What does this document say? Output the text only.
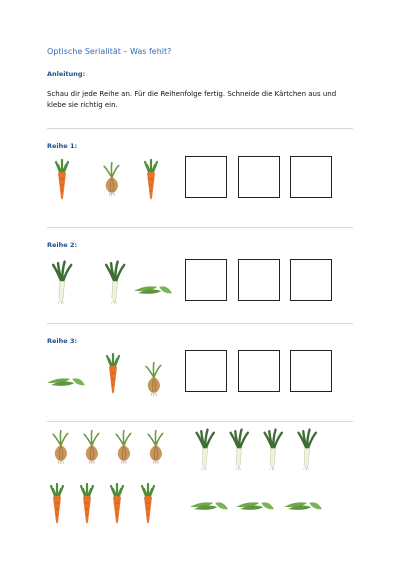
Optische Serialität – Was fehlt?
Anleitung:
Schau dir jede Reihe an. Für die Reihenfolge fertig. Schneide die Kärtchen aus und klebe sie richtig ein.
Reihe 1:
Reihe 2:
Reihe 3:
